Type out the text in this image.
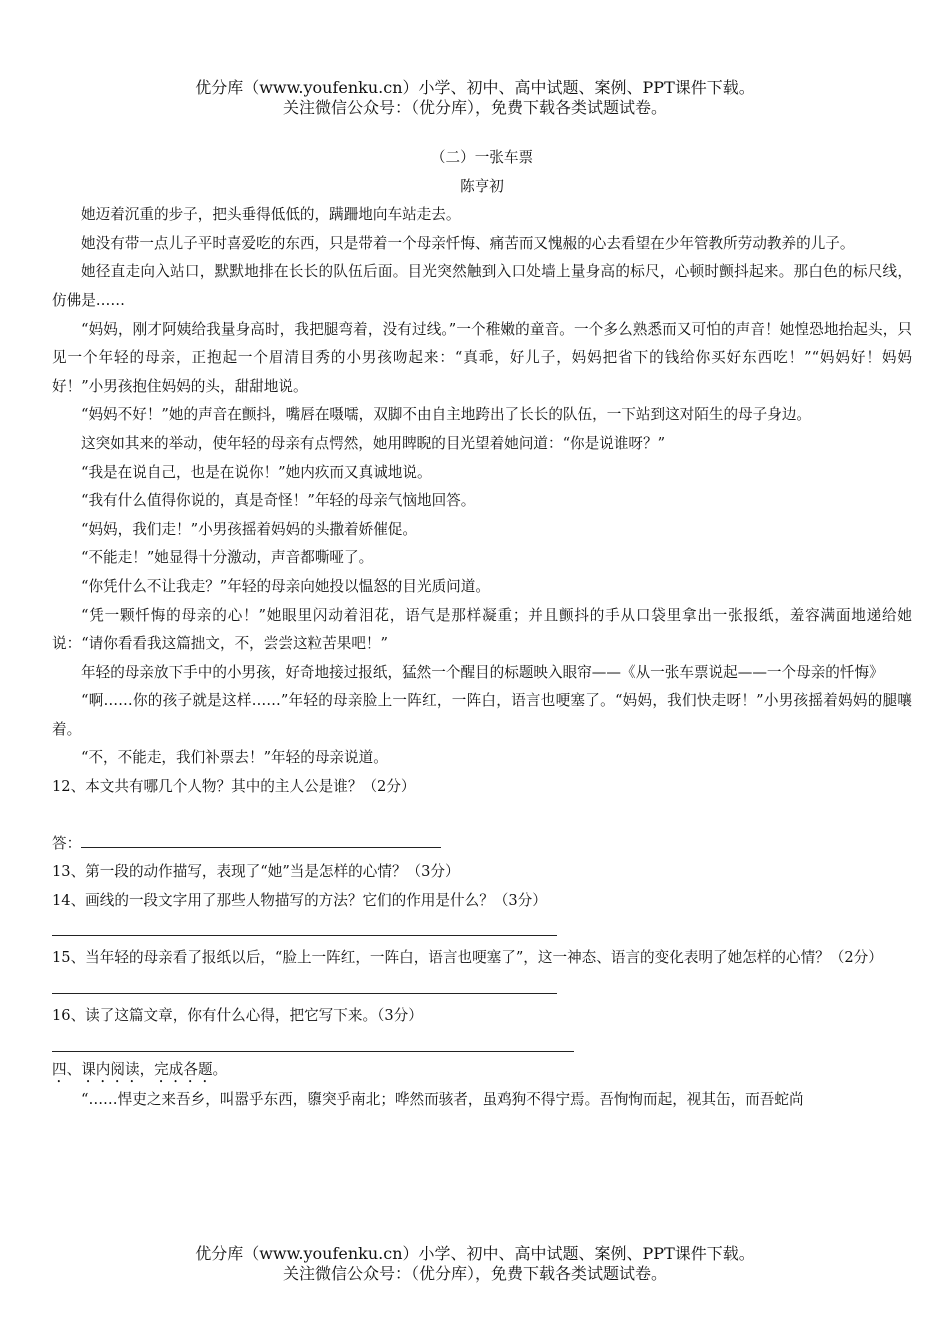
优分库（www.youfenku.cn）小学、初中、高中试题、案例、PPT课件下载。
关注微信公众号：（优分库），免费下载各类试题试卷。
（二）一张车票
陈亨初
她迈着沉重的步子，把头垂得低低的，蹒跚地向车站走去。
她没有带一点儿子平时喜爱吃的东西，只是带着一个母亲忏悔、痛苦而又愧赧的心去看望在少年管教所劳动教养的儿子。
她径直走向入站口，默默地排在长长的队伍后面。目光突然触到入口处墙上量身高的标尺，心顿时颤抖起来。那白色的标尺线，仿佛是……
“妈妈，刚才阿姨给我量身高时，我把腿弯着，没有过线。”一个稚嫩的童音。一个多么熟悉而又可怕的声音！她惶恐地抬起头，只见一个年轻的母亲，正抱起一个眉清目秀的小男孩吻起来：“真乖，好儿子，妈妈把省下的钱给你买好东西吃！”“妈妈好！妈妈好！”小男孩抱住妈妈的头，甜甜地说。
“妈妈不好！”她的声音在颤抖，嘴唇在嗫嚅，双脚不由自主地跨出了长长的队伍，一下站到这对陌生的母子身边。
这突如其来的举动，使年轻的母亲有点愕然，她用睥睨的目光望着她问道：“你是说谁呀？”
“我是在说自己，也是在说你！”她内疚而又真诚地说。
“我有什么值得你说的，真是奇怪！”年轻的母亲气恼地回答。
“妈妈，我们走！”小男孩摇着妈妈的头撒着娇催促。
“不能走！”她显得十分激动，声音都嘶哑了。
“你凭什么不让我走？”年轻的母亲向她投以愠怒的目光质问道。
“凭一颗忏悔的母亲的心！”她眼里闪动着泪花，语气是那样凝重；并且颤抖的手从口袋里拿出一张报纸，羞容满面地递给她说：“请你看看我这篇拙文，不，尝尝这粒苦果吧！”
年轻的母亲放下手中的小男孩，好奇地接过报纸，猛然一个醒目的标题映入眼帘——《从一张车票说起——一个母亲的忏悔》
“啊……你的孩子就是这样……”年轻的母亲脸上一阵红，一阵白，语言也哽塞了。“妈妈，我们快走呀！”小男孩摇着妈妈的腿嚷着。
“不，不能走，我们补票去！”年轻的母亲说道。
12、本文共有哪几个人物？其中的主人公是谁？（2分）
答：
13、第一段的动作描写，表现了“她”当是怎样的心情？（3分）
14、画线的一段文字用了那些人物描写的方法？它们的作用是什么？（3分）
15、当年轻的母亲看了报纸以后，“脸上一阵红，一阵白，语言也哽塞了”，这一神态、语言的变化表明了她怎样的心情？（2分）
16、读了这篇文章，你有什么心得，把它写下来。（3分）
四、课内阅读，完成各题。
“……悍吏之来吾乡，叫嚣乎东西，隳突乎南北；哗然而骇者，虽鸡狗不得宁焉。吾恂恂而起，视其缶，而吾蛇尚
优分库（www.youfenku.cn）小学、初中、高中试题、案例、PPT课件下载。
关注微信公众号：（优分库），免费下载各类试题试卷。
